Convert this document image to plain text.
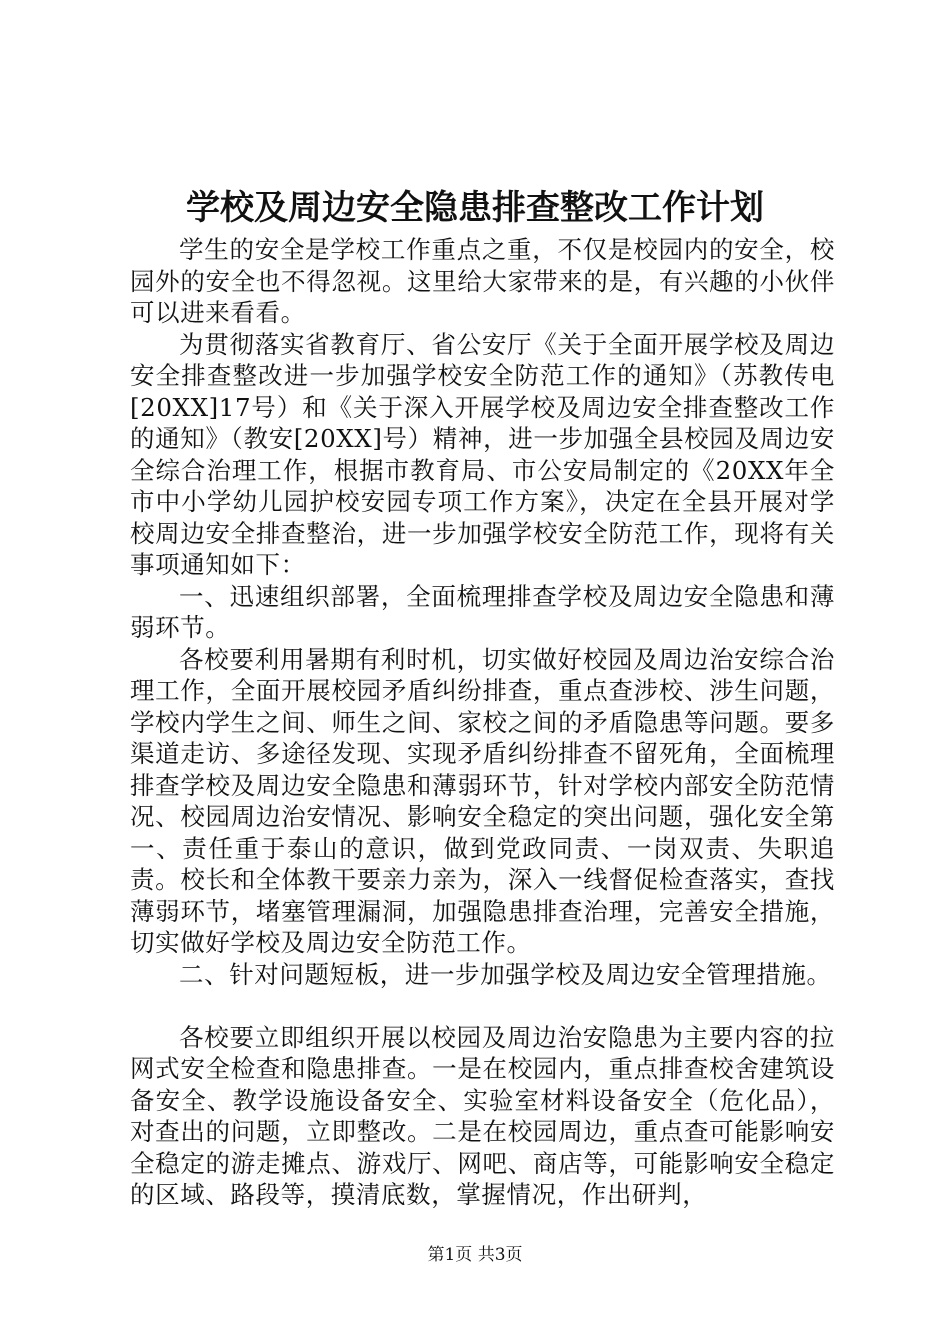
学校及周边安全隐患排查整改工作计划

学生的安全是学校工作重点之重，不仅是校园内的安全，校园外的安全也不得忽视。这里给大家带来的是，有兴趣的小伙伴可以进来看看。

为贯彻落实省教育厅、省公安厅《关于全面开展学校及周边安全排查整改进一步加强学校安全防范工作的通知》（苏教传电[20XX]17号）和《关于深入开展学校及周边安全排查整改工作的通知》（教安[20XX]号）精神，进一步加强全县校园及周边安全综合治理工作，根据市教育局、市公安局制定的《20XX年全市中小学幼儿园护校安园专项工作方案》，决定在全县开展对学校周边安全排查整治，进一步加强学校安全防范工作，现将有关事项通知如下：

一、迅速组织部署，全面梳理排查学校及周边安全隐患和薄弱环节。

各校要利用暑期有利时机，切实做好校园及周边治安综合治理工作，全面开展校园矛盾纠纷排查，重点查涉校、涉生问题，学校内学生之间、师生之间、家校之间的矛盾隐患等问题。要多渠道走访、多途径发现、实现矛盾纠纷排查不留死角，全面梳理排查学校及周边安全隐患和薄弱环节，针对学校内部安全防范情况、校园周边治安情况、影响安全稳定的突出问题，强化安全第一、责任重于泰山的意识，做到党政同责、一岗双责、失职追责。校长和全体教干要亲力亲为，深入一线督促检查落实，查找薄弱环节，堵塞管理漏洞，加强隐患排查治理，完善安全措施，切实做好学校及周边安全防范工作。

二、针对问题短板，进一步加强学校及周边安全管理措施。

各校要立即组织开展以校园及周边治安隐患为主要内容的拉网式安全检查和隐患排查。一是在校园内，重点排查校舍建筑设备安全、教学设施设备安全、实验室材料设备安全（危化品），对查出的问题，立即整改。二是在校园周边，重点查可能影响安全稳定的游走摊点、游戏厅、网吧、商店等，可能影响安全稳定的区域、路段等，摸清底数，掌握情况，作出研判，

第1页 共3页
